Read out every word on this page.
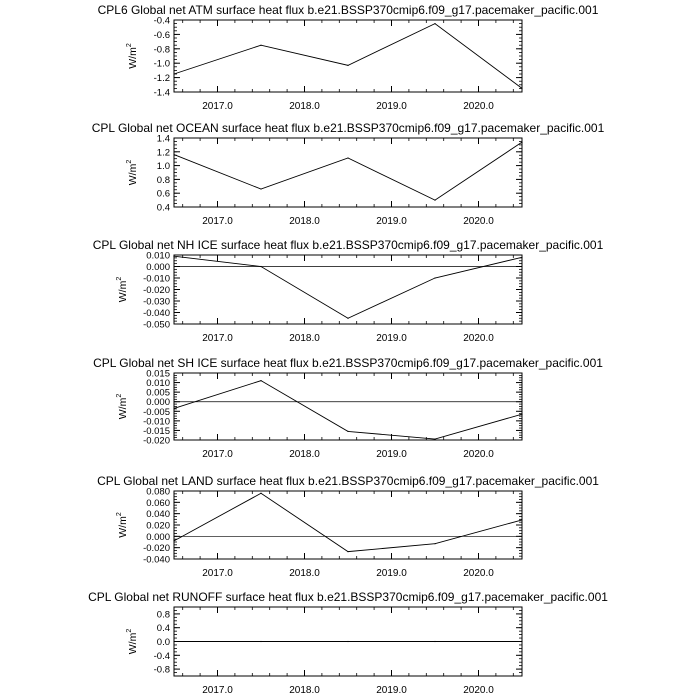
CPL6 Global net ATM surface heat flux b.e21.BSSP370cmip6.f09_g17.pacemaker_pacific.001
2017.0	2018.0	2019.0	2020.0
-1.4
-1.2
-1.0
-0.8
-0.6
-0.4
$W/m^2$
CPL Global net OCEAN surface heat flux b.e21.BSSP370cmip6.f09_g17.pacemaker_pacific.001
2017.0	2018.0	2019.0	2020.0
0.4
0.6
0.8
1.0
1.2
1.4
$W/m^2$
CPL Global net NH ICE surface heat flux b.e21.BSSP370cmip6.f09_g17.pacemaker_pacific.001
2017.0	2018.0	2019.0	2020.0
-0.050
-0.040
-0.030
-0.020
-0.010
0.000
0.010
$W/m^2$
CPL Global net SH ICE surface heat flux b.e21.BSSP370cmip6.f09_g17.pacemaker_pacific.001
2017.0	2018.0	2019.0	2020.0
-0.020
-0.015
-0.010
-0.005
0.000
0.005
0.010
0.015
$W/m^2$
CPL Global net LAND surface heat flux b.e21.BSSP370cmip6.f09_g17.pacemaker_pacific.001
2017.0	2018.0	2019.0	2020.0
-0.040
-0.020
0.000
0.020
0.040
0.060
0.080
$W/m^2$
CPL Global net RUNOFF surface heat flux b.e21.BSSP370cmip6.f09_g17.pacemaker_pacific.001
2017.0	2018.0	2019.0	2020.0
-0.8
-0.4
0.0
0.4
0.8
$W/m^2$
